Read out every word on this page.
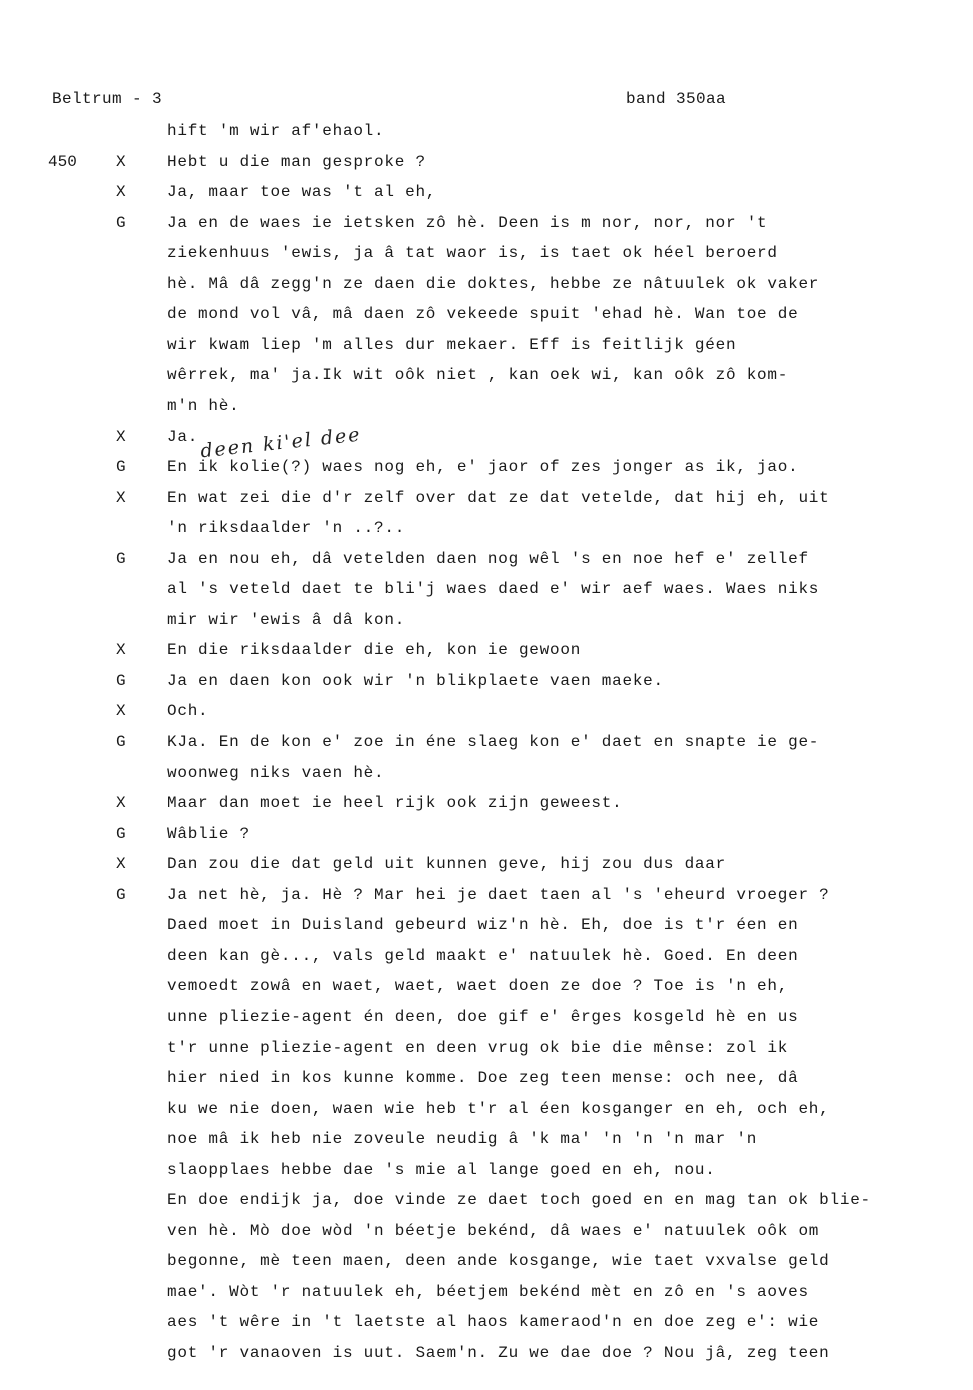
Beltrum - 3	band 350aa
deen ki'el dee
hift 'm wir af'ehaol.
450 X	Hebt u die man gesproke ?
X	Ja, maar toe was 't al eh,
G	Ja en de waes ie ietsken zô hè. Deen is m nor, nor, nor 't
ziekenhuus 'ewis, ja â tat waor is, is taet ok héel beroerd
hè. Mâ dâ zegg'n ze daen die doktes, hebbe ze nâtuulek ok vaker
de mond vol vâ, mâ daen zô vekeede spuit 'ehad hè. Wan toe de
wir kwam liep 'm alles dur mekaer. Eff is feitlijk géen
wêrrek, ma' ja.Ik wit oôk niet , kan oek wi, kan oôk zô kom-
m'n hè.
X	Ja.
G	En ik kolie(?) waes nog eh, e' jaor of zes jonger as ik, jao.
X	En wat zei die d'r zelf over dat ze dat vetelde, dat hij eh, uit
'n riksdaalder 'n ..?..
G	Ja en nou eh, dâ vetelden daen nog wêl 's en noe hef e' zellef
al 's veteld daet te bli'j waes daed e' wir aef waes. Waes niks
mir wir 'ewis â dâ kon.
X	En die riksdaalder die eh, kon ie gewoon
G	Ja en daen kon ook wir 'n blikplaete vaen maeke.
X	Och.
G	KJa. En de kon e' zoe in éne slaeg kon e' daet en snapte ie ge-
woonweg niks vaen hè.
X	Maar dan moet ie heel rijk ook zijn geweest.
G	Wâblie ?
X	Dan zou die dat geld uit kunnen geve, hij zou dus daar
G	Ja net hè, ja. Hè ? Mar hei je daet taen al 's 'eheurd vroeger ?
Daed moet in Duisland gebeurd wiz'n hè. Eh, doe is t'r éen en
deen kan gè..., vals geld maakt e' natuulek hè. Goed. En deen
vemoedt zowâ en waet, waet, waet doen ze doe ? Toe is 'n eh,
unne pliezie-agent én deen, doe gif e' êrges kosgeld hè en us
t'r unne pliezie-agent en deen vrug ok bie die mênse: zol ik
hier nied in kos kunne komme. Doe zeg teen mense: och nee, dâ
ku we nie doen, waen wie heb t'r al éen kosganger en eh, och eh,
noe mâ ik heb nie zoveule neudig â 'k ma' 'n 'n 'n mar 'n
slaopplaes hebbe dae 's mie al lange goed en eh, nou.
En doe endijk ja, doe vinde ze daet toch goed en en mag tan ok blie-
ven hè. Mò doe wòd 'n béetje bekénd, dâ waes e' natuulek oôk om
begonne, mè teen maen, deen ande kosgange, wie taet vxvalse geld
mae'. Wòt 'r natuulek eh, béetjem bekénd mèt en zô en 's aoves
aes 't wêre in 't laetste al haos kameraod'n en doe zeg e': wie
got 'r vanaoven is uut. Saem'n. Zu we dae doe ? Nou jâ, zeg teen
